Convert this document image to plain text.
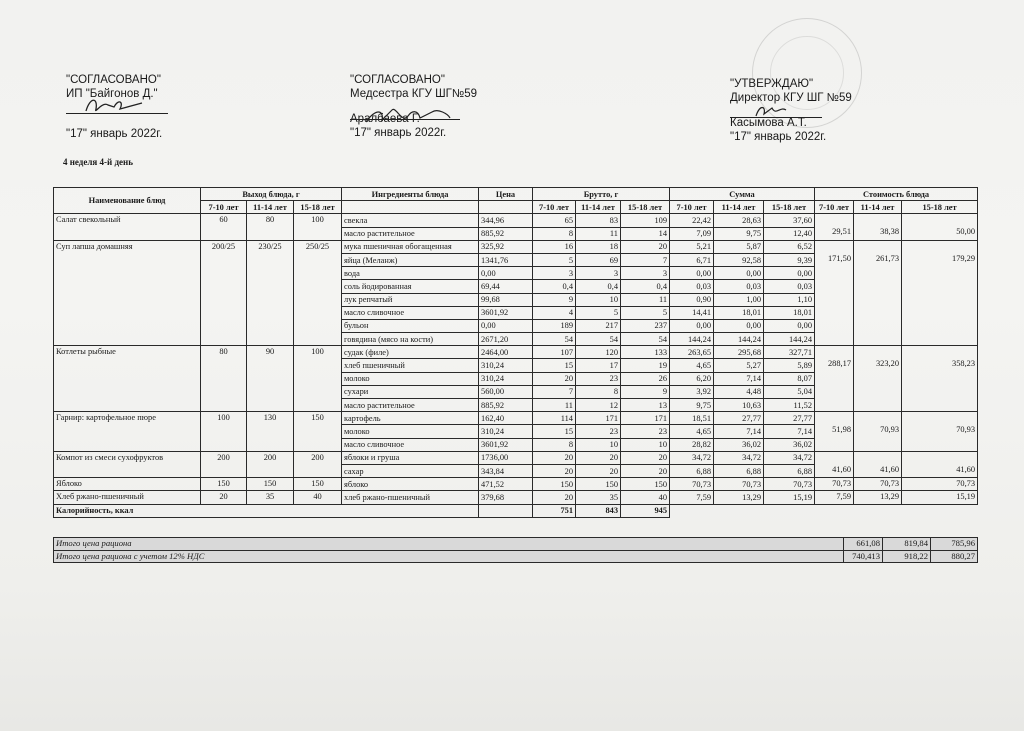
"СОГЛАСОВАНО"
ИП "Байгонов Д."
"17" январь 2022г.
"СОГЛАСОВАНО"
Медсестра КГУ ШГ№59
Аралбаева Г.
"17" январь 2022г.
"УТВЕРЖДАЮ"
Директор КГУ ШГ №59
Касымова А.Т.
"17" январь 2022г.
4 неделя 4-й день
Наименование блюд	Выход блюда, г			Ингредиенты блюда	Цена	Брутто, г			Сумма			Стоимость блюда		
	7-10 лет	11-14 лет	15-18 лет			7-10 лет	11-14 лет	15-18 лет	7-10 лет	11-14 лет	15-18 лет	7-10 лет	11-14 лет	15-18 лет
Салат свекольный	60	80	100	свекла	344,96	65	83	109	22,42	28,63	37,60	29,51	38,38	50,00
				масло растительное	885,92	8	11	14	7,09	9,75	12,40			
Суп лапша домашняя	200/25	230/25	250/25	мука пшеничная обогащенная	325,92	16	18	20	5,21	5,87	6,52	171,50	261,73	179,29
				яйца (Меланж)	1341,76	5	69	7	6,71	92,58	9,39			
				вода	0,00	3	3	3	0,00	0,00	0,00			
				соль йодированная	69,44	0,4	0,4	0,4	0,03	0,03	0,03			
				лук репчатый	99,68	9	10	11	0,90	1,00	1,10			
				масло сливочное	3601,92	4	5	5	14,41	18,01	18,01			
				бульон	0,00	189	217	237	0,00	0,00	0,00			
				говядина (мясо на кости)	2671,20	54	54	54	144,24	144,24	144,24			
Котлеты рыбные	80	90	100	судак (филе)	2464,00	107	120	133	263,65	295,68	327,71	288,17	323,20	358,23
				хлеб пшеничный	310,24	15	17	19	4,65	5,27	5,89			
				молоко	310,24	20	23	26	6,20	7,14	8,07			
				сухари	560,00	7	8	9	3,92	4,48	5,04			
				масло растительное	885,92	11	12	13	9,75	10,63	11,52			
Гарнир: картофельное пюре	100	130	150	картофель	162,40	114	171	171	18,51	27,77	27,77	51,98	70,93	70,93
				молоко	310,24	15	23	23	4,65	7,14	7,14			
				масло сливочное	3601,92	8	10	10	28,82	36,02	36,02			
Компот из смеси сухофруктов	200	200	200	яблоки и груша	1736,00	20	20	20	34,72	34,72	34,72	41,60	41,60	41,60
				сахар	343,84	20	20	20	6,88	6,88	6,88			
Яблоко	150	150	150	яблоко	471,52	150	150	150	70,73	70,73	70,73	70,73	70,73	70,73
Хлеб ржано-пшеничный	20	35	40	хлеб ржано-пшеничный	379,68	20	35	40	7,59	13,29	15,19	7,59	13,29	15,19
Калорийность, ккал						751	843	945						
Итого цена рациона	661,08	819,84	785,96
Итого цена рациона с учетом 12% НДС	740,413	918,22	880,27
